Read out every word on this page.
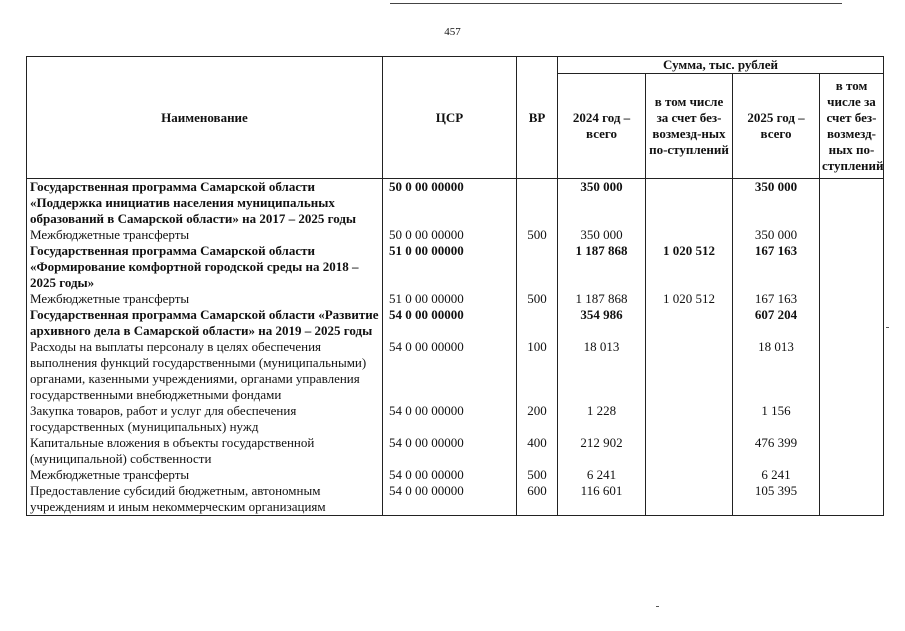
457
Наименование	ЦСР	ВР	Сумма, тыс. рублей			
			2024 год – всего	в том числе за счет без-возмезд-ных по-ступлений	2025 год – всего	в том числе за счет без-возмезд-ных по-ступлений
Государственная программа Самарской области «Поддержка инициатив населения муниципальных образований в Самарской области» на 2017 – 2025 годы	50 0 00 00000		350 000		350 000	
Межбюджетные трансферты	50 0 00 00000	500	350 000		350 000	
Государственная программа Самарской области «Формирование комфортной городской среды на 2018 – 2025 годы»	51 0 00 00000		1 187 868	1 020 512	167 163	
Межбюджетные трансферты	51 0 00 00000	500	1 187 868	1 020 512	167 163	
Государственная программа Самарской области «Развитие архивного дела в Самарской области» на 2019 – 2025 годы	54 0 00 00000		354 986		607 204	
Расходы на выплаты персоналу в целях обеспечения выполнения функций государственными (муниципальными) органами, казенными учреждениями, органами управления государственными внебюджетными фондами	54 0 00 00000	100	18 013		18 013	
Закупка товаров, работ и услуг для обеспечения государственных (муниципальных) нужд	54 0 00 00000	200	1 228		1 156	
Капитальные вложения в объекты государственной (муниципальной) собственности	54 0 00 00000	400	212 902		476 399	
Межбюджетные трансферты	54 0 00 00000	500	6 241		6 241	
Предоставление субсидий бюджетным, автономным учреждениям и иным некоммерческим организациям	54 0 00 00000	600	116 601		105 395	
